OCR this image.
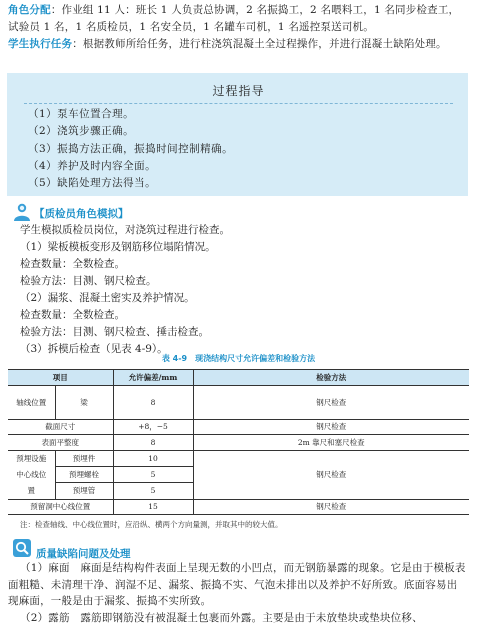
角色分配：作业组 11 人：班长 1 人负责总协调，2 名振捣工，2 名喂料工，1 名同步检查工，试验员 1 名，1 名质检员，1 名安全员，1 名罐车司机，1 名遥控泵送司机。
学生执行任务：根据教师所给任务，进行柱浇筑混凝土全过程操作，并进行混凝土缺陷处理。
过程指导
（1）泵车位置合理。
（2）浇筑步骤正确。
（3）振捣方法正确，振捣时间控制精确。
（4）养护及时内容全面。
（5）缺陷处理方法得当。
【质检员角色模拟】
学生模拟质检员岗位，对浇筑过程进行检查。
（1）梁板模板变形及钢筋移位塌陷情况。
检查数量：全数检查。
检验方法：目测、钢尺检查。
（2）漏浆、混凝土密实及养护情况。
检查数量：全数检查。
检验方法：目测、钢尺检查、捶击检查。
（3）拆模后检查（见表 4-9）。
表 4-9　现浇结构尺寸允许偏差和检验方法
项目		允许偏差/mm	检验方法
轴线位置	梁	8	钢尺检查
截面尺寸		+8，−5	钢尺检查
表面平整度		8	2m 靠尺和塞尺检查
预埋设施中心线位置	预埋件	10	钢尺检查
	预埋螺栓	5	
	预埋管	5	
预留洞中心线位置		15	钢尺检查
注：检查轴线、中心线位置时，应沿纵、横两个方向量测，并取其中的较大值。
质量缺陷问题及处理
（1）麻面　麻面是结构构件表面上呈现无数的小凹点，而无钢筋暴露的现象。它是由于模板表面粗糙、未清理干净、润湿不足、漏浆、振捣不实、气泡未排出以及养护不好所致。底面容易出现麻面，一般是由于漏浆、振捣不实所致。
（2）露筋　露筋即钢筋没有被混凝土包裹而外露。主要是由于未放垫块或垫块位移、
